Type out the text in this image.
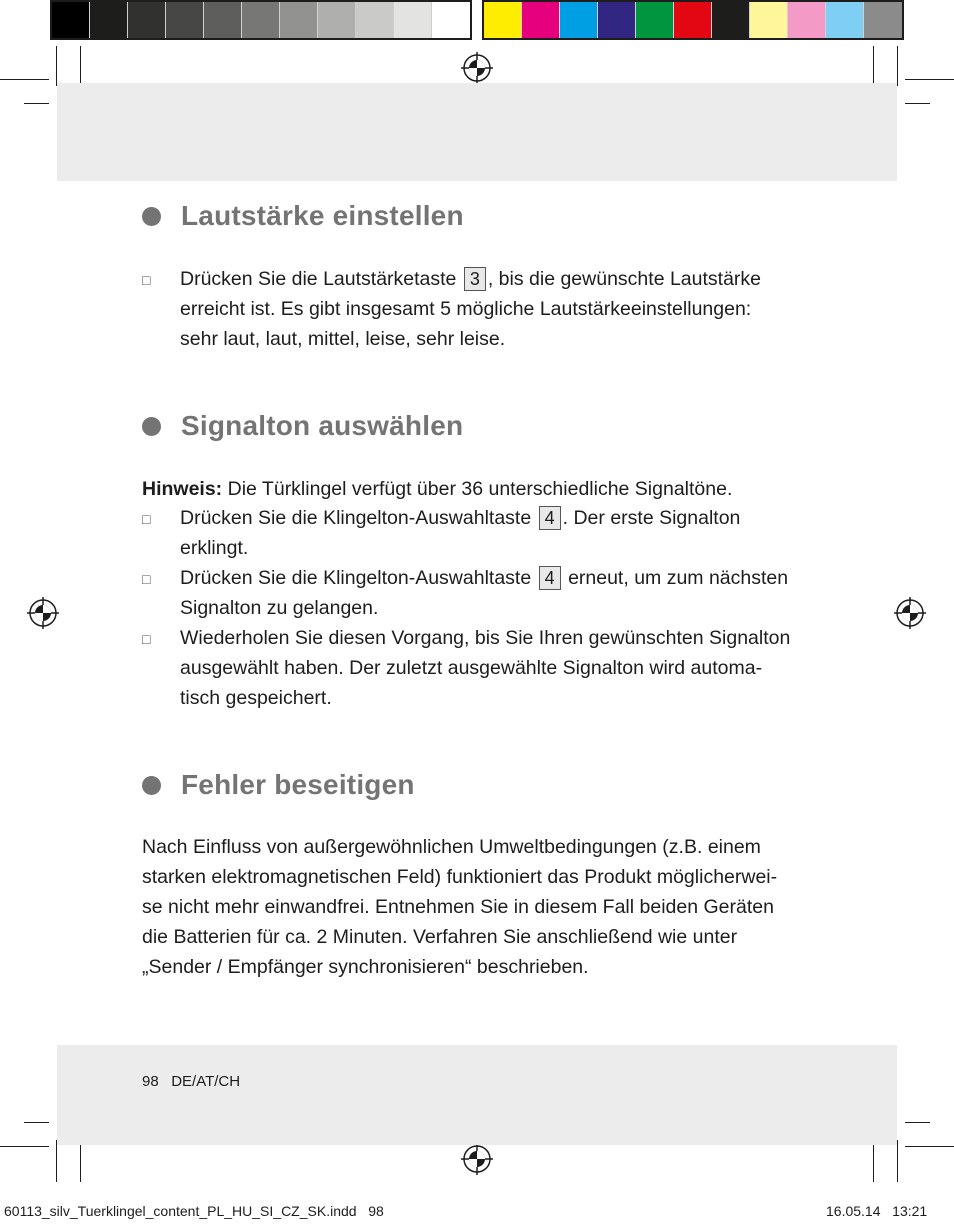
Lautstärke einstellen
□	Drücken Sie die Lautstärketaste 3 , bis die gewünschte Lautstärke
erreicht ist. Es gibt insgesamt 5 mögliche Lautstärkeeinstellungen:
sehr laut, laut, mittel, leise, sehr leise.
Signalton auswählen
Hinweis: Die Türklingel verfügt über 36 unterschiedliche Signaltöne.
□	Drücken Sie die Klingelton-Auswahltaste 4 . Der erste Signalton
erklingt.
□	Drücken Sie die Klingelton-Auswahltaste 4 erneut, um zum nächsten
Signalton zu gelangen.
□	Wiederholen Sie diesen Vorgang, bis Sie Ihren gewünschten Signalton
ausgewählt haben. Der zuletzt ausgewählte Signalton wird automa-
tisch gespeichert.
Fehler beseitigen
Nach Einfluss von außergewöhnlichen Umweltbedingungen (z.B. einem
starken elektromagnetischen Feld) funktioniert das Produkt möglicherwei-
se nicht mehr einwandfrei. Entnehmen Sie in diesem Fall beiden Geräten
die Batterien für ca. 2 Minuten. Verfahren Sie anschließend wie unter
„Sender / Empfänger synchronisieren“ beschrieben.
98 DE/AT/CH
60113_silv_Tuerklingel_content_PL_HU_SI_CZ_SK.indd   98	16.05.14   13:21
